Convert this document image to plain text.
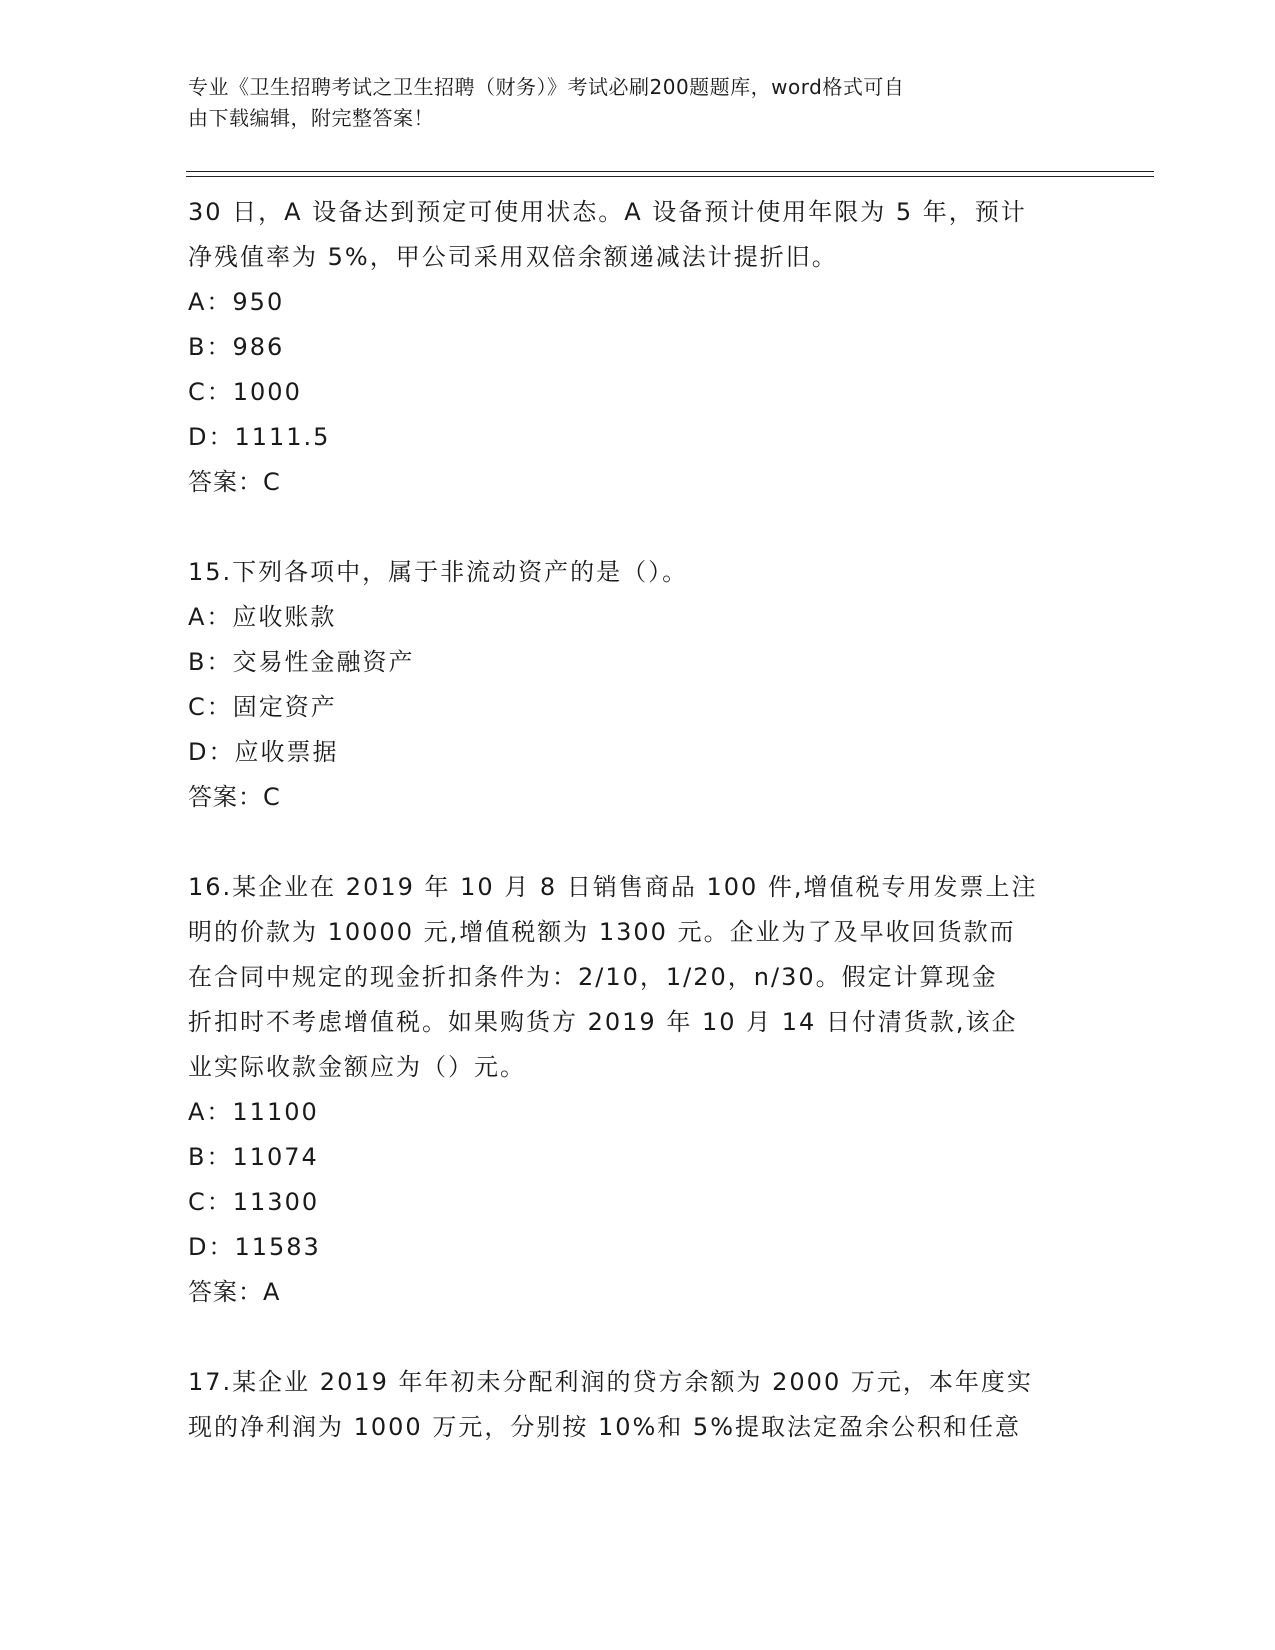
专业《卫生招聘考试之卫生招聘（财务）》考试必刷200题题库，word格式可自
由下载编辑，附完整答案！
30 日，A 设备达到预定可使用状态。A 设备预计使用年限为 5 年，预计
净残值率为 5%，甲公司采用双倍余额递减法计提折旧。
A：950
B：986
C：1000
D：1111.5
答案：C
15.下列各项中，属于非流动资产的是（）。
A：应收账款
B：交易性金融资产
C：固定资产
D：应收票据
答案：C
16.某企业在 2019 年 10 月 8 日销售商品 100 件,增值税专用发票上注
明的价款为 10000 元,增值税额为 1300 元。企业为了及早收回货款而
在合同中规定的现金折扣条件为：2/10，1/20，n/30。假定计算现金
折扣时不考虑增值税。如果购货方 2019 年 10 月 14 日付清货款,该企
业实际收款金额应为（）元。
A：11100
B：11074
C：11300
D：11583
答案：A
17.某企业 2019 年年初未分配利润的贷方余额为 2000 万元，本年度实
现的净利润为 1000 万元，分别按 10%和 5%提取法定盈余公积和任意
